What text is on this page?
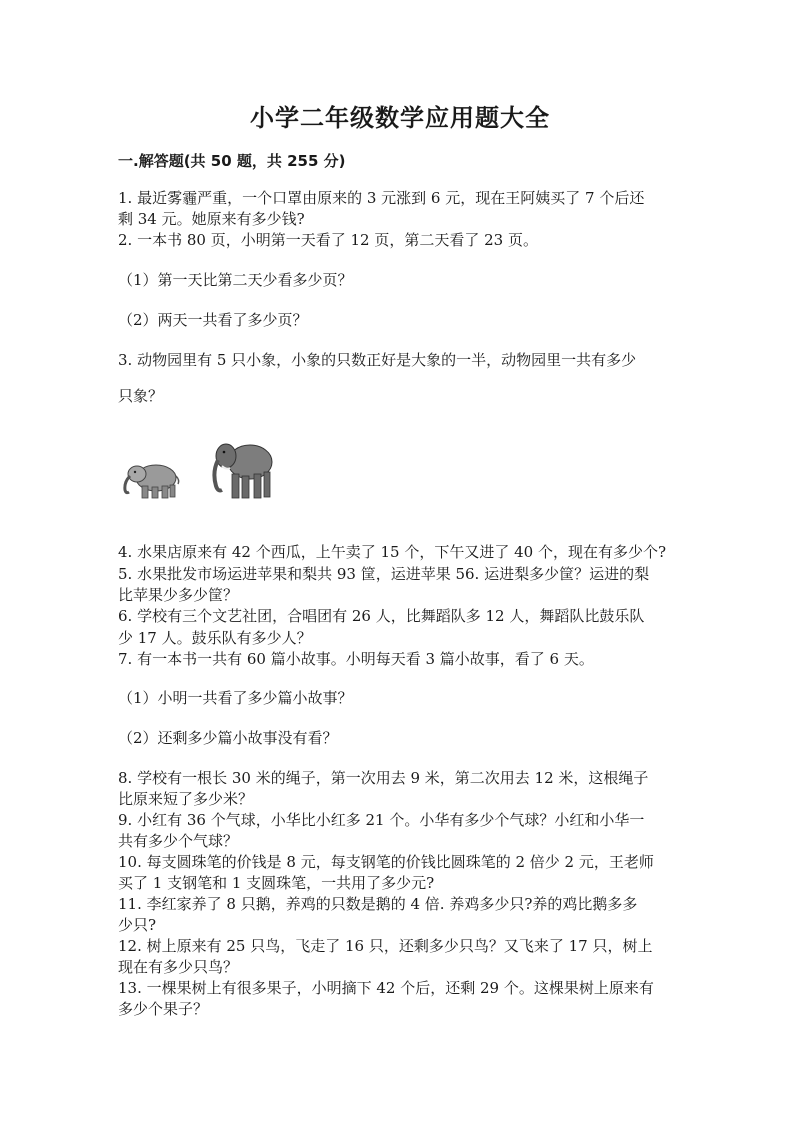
小学二年级数学应用题大全
一.解答题(共 50 题，共 255 分)
1. 最近雾霾严重，一个口罩由原来的 3 元涨到 6 元，现在王阿姨买了 7 个后还
剩 34 元。她原来有多少钱?
2. 一本书 80 页，小明第一天看了 12 页，第二天看了 23 页。
（1）第一天比第二天少看多少页？
（2）两天一共看了多少页？
3. 动物园里有 5 只小象，小象的只数正好是大象的一半，动物园里一共有多少
只象？
4. 水果店原来有 42 个西瓜，上午卖了 15 个，下午又进了 40 个，现在有多少个?
5. 水果批发市场运进苹果和梨共 93 筐，运进苹果 56. 运进梨多少筐？运进的梨
比苹果少多少筐？
6. 学校有三个文艺社团，合唱团有 26 人，比舞蹈队多 12 人，舞蹈队比鼓乐队
少 17 人。鼓乐队有多少人？
7. 有一本书一共有 60 篇小故事。小明每天看 3 篇小故事，看了 6 天。
（1）小明一共看了多少篇小故事？
（2）还剩多少篇小故事没有看？
8. 学校有一根长 30 米的绳子，第一次用去 9 米，第二次用去 12 米，这根绳子
比原来短了多少米？
9. 小红有 36 个气球，小华比小红多 21 个。小华有多少个气球？小红和小华一
共有多少个气球？
10. 每支圆珠笔的价钱是 8 元，每支钢笔的价钱比圆珠笔的 2 倍少 2 元，王老师
买了 1 支钢笔和 1 支圆珠笔，一共用了多少元?
11. 李红家养了 8 只鹅，养鸡的只数是鹅的 4 倍. 养鸡多少只?养的鸡比鹅多多
少只?
12. 树上原来有 25 只鸟，飞走了 16 只，还剩多少只鸟？又飞来了 17 只，树上
现在有多少只鸟？
13. 一棵果树上有很多果子，小明摘下 42 个后，还剩 29 个。这棵果树上原来有
多少个果子？
